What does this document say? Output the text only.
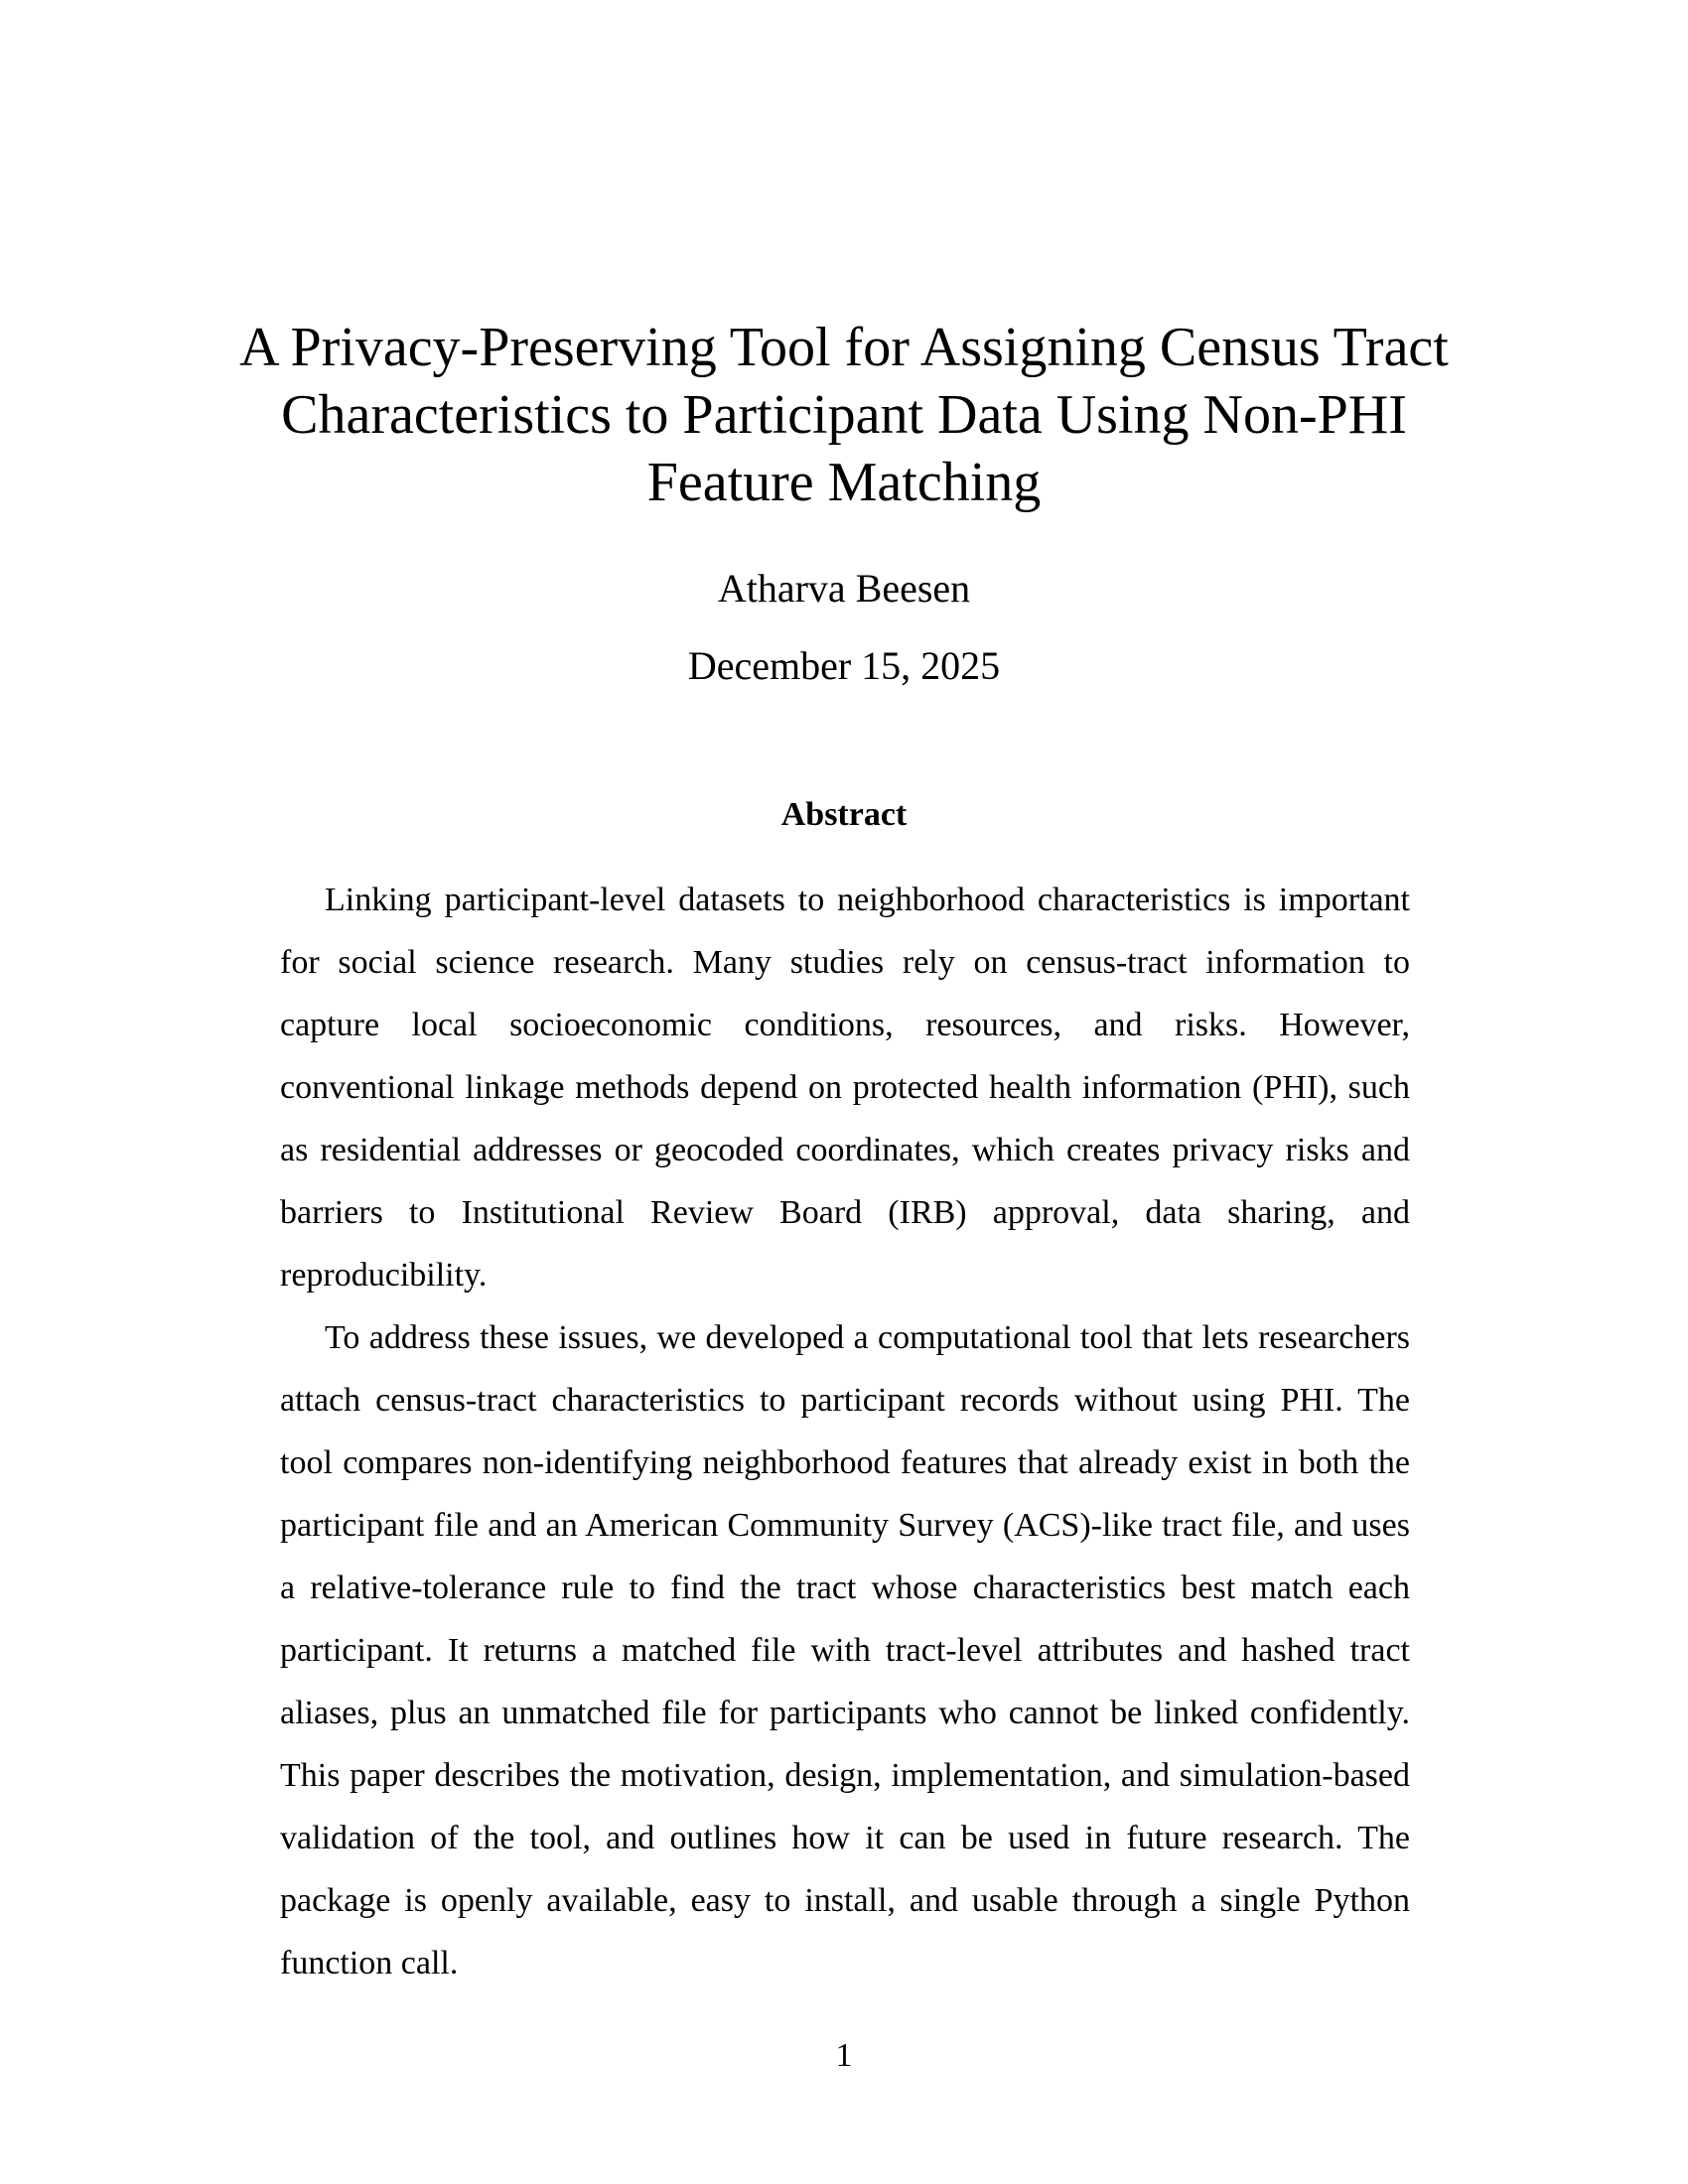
A Privacy-Preserving Tool for Assigning Census Tract
Characteristics to Participant Data Using Non-PHI
Feature Matching
Atharva Beesen
December 15, 2025
Abstract

Linking participant-level datasets to neighborhood characteristics is important for social science research. Many studies rely on census-tract information to capture local socioeconomic conditions, resources, and risks. However, conventional linkage methods depend on protected health information (PHI), such as residential addresses or geocoded coordinates, which creates privacy risks and barriers to Institutional Review Board (IRB) approval, data sharing, and reproducibility.

To address these issues, we developed a computational tool that lets researchers attach census-tract characteristics to participant records without using PHI. The tool compares non-identifying neighborhood features that already exist in both the participant file and an American Community Survey (ACS)-like tract file, and uses a relative-tolerance rule to find the tract whose characteristics best match each participant. It returns a matched file with tract-level attributes and hashed tract aliases, plus an unmatched file for participants who cannot be linked confidently. This paper describes the motivation, design, implementation, and simulation-based validation of the tool, and outlines how it can be used in future research. The package is openly available, easy to install, and usable through a single Python function call.

1
